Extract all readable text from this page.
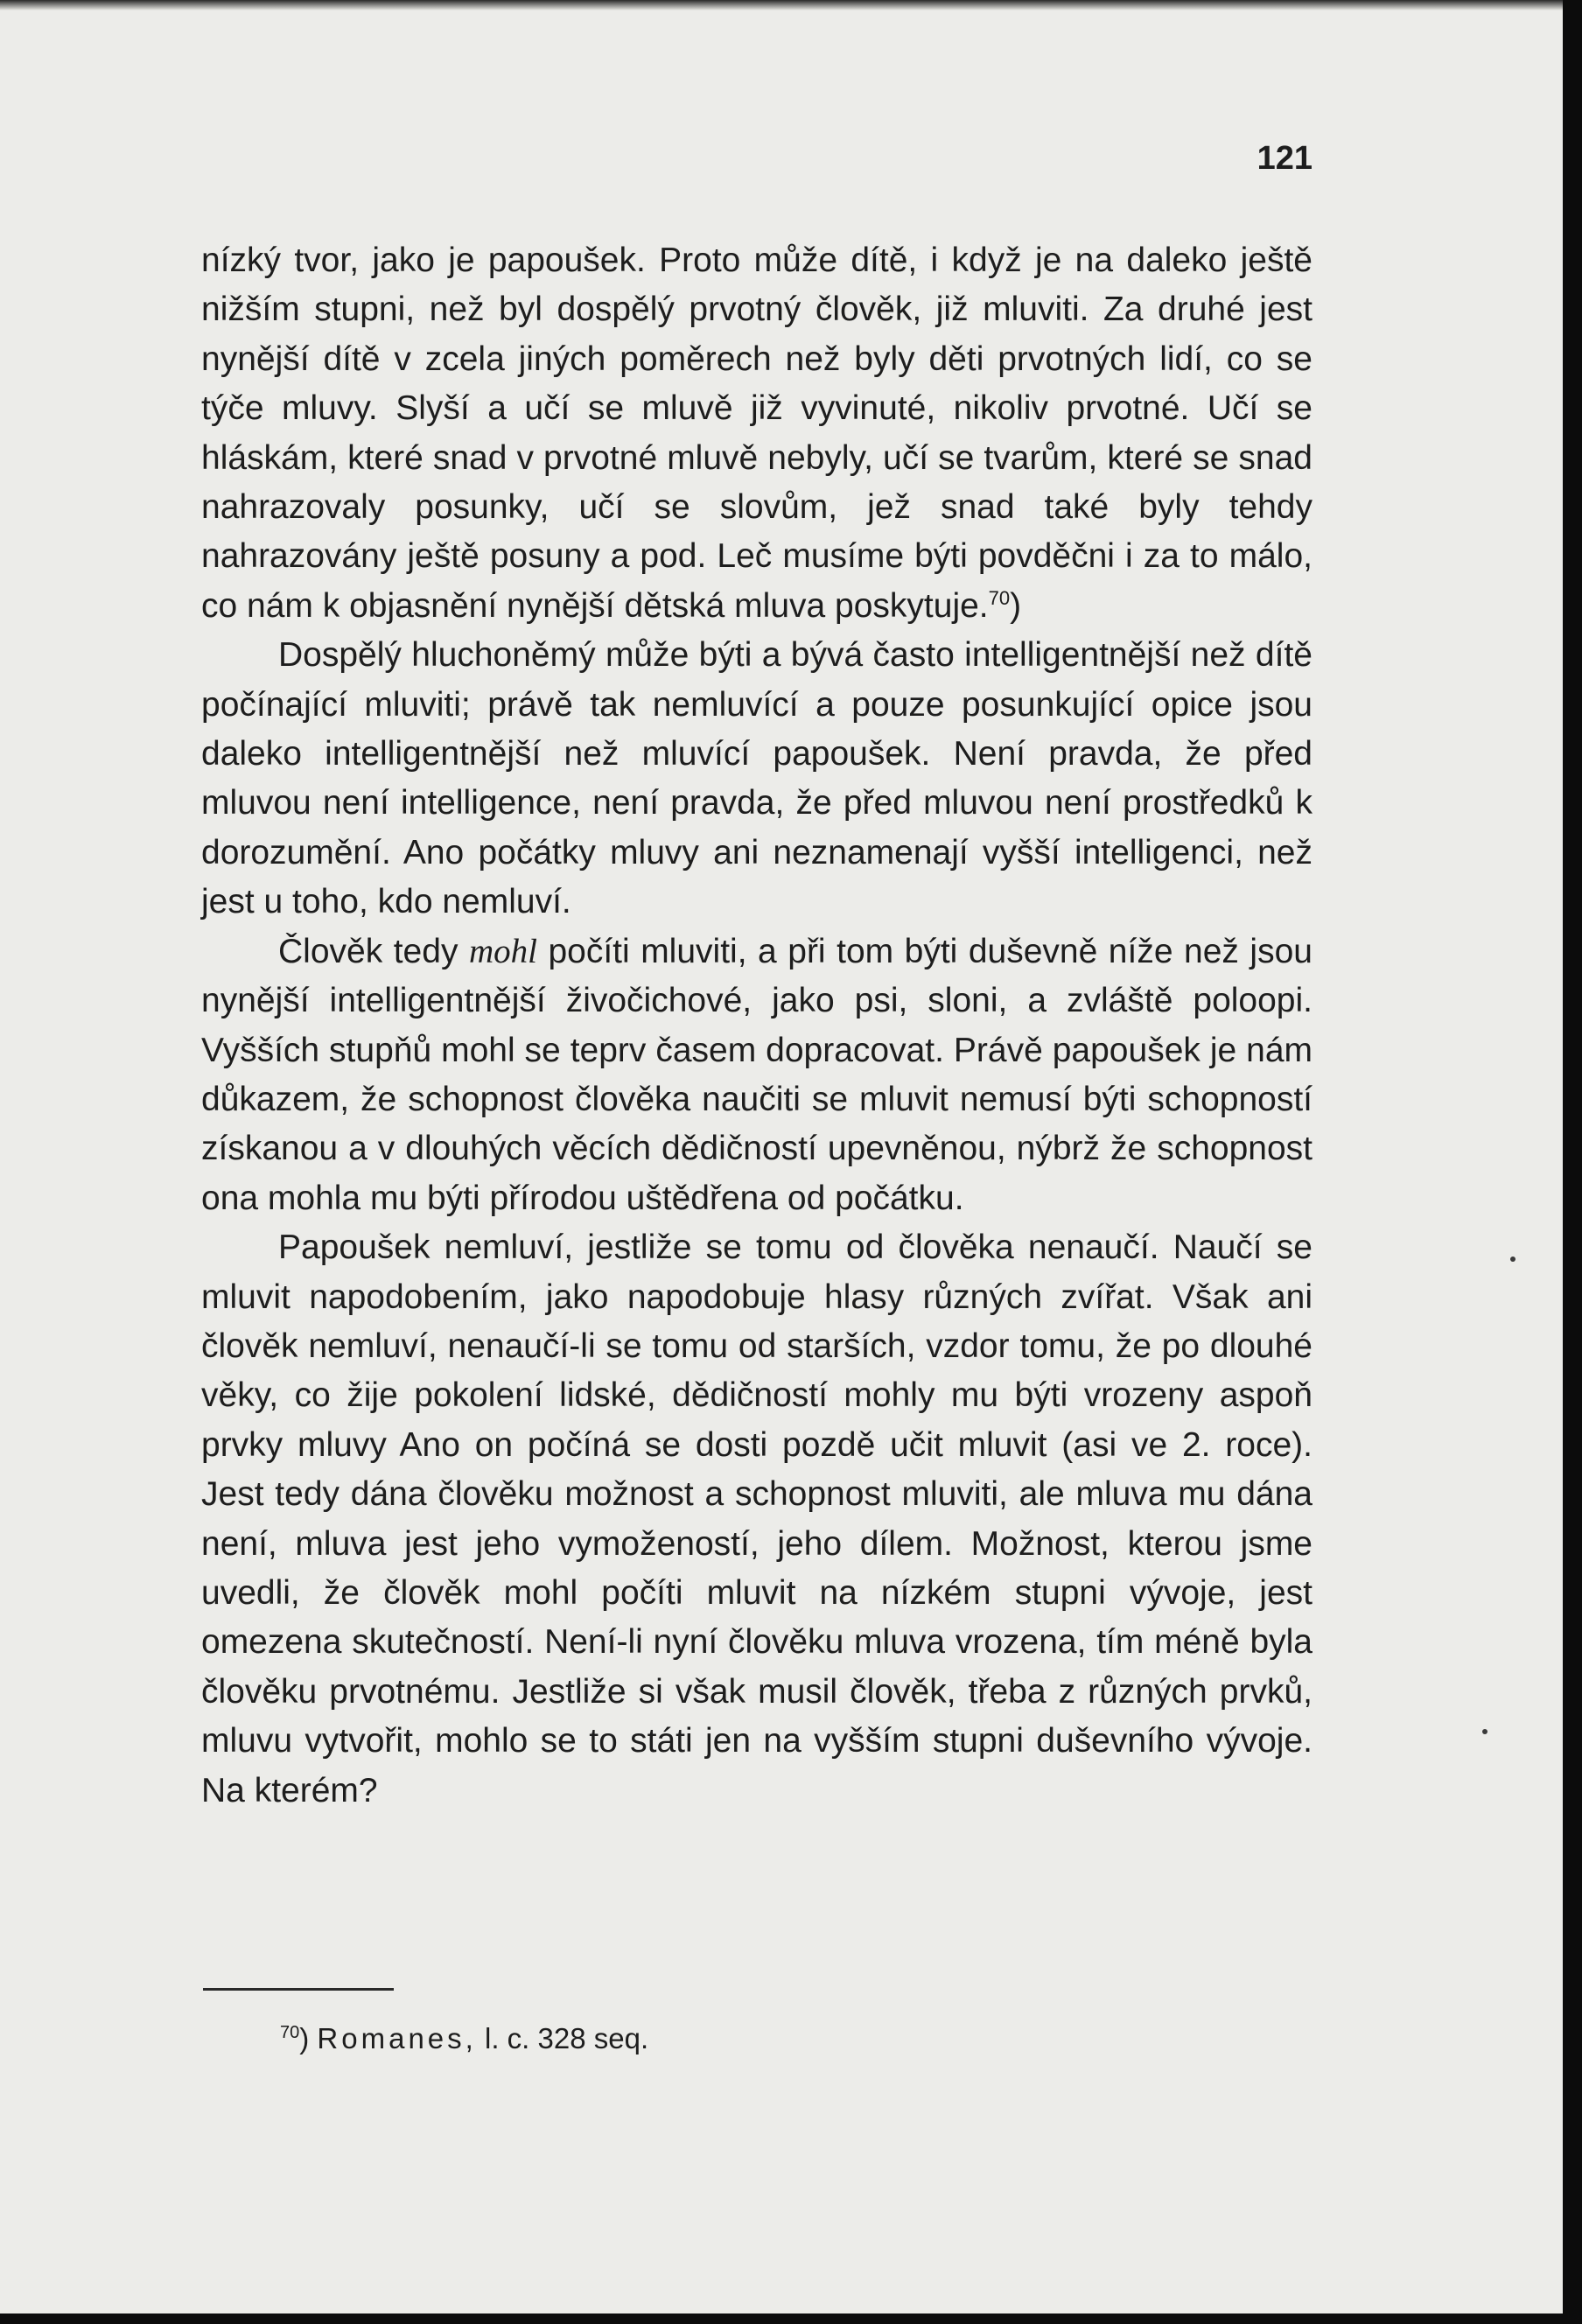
121

nízký tvor, jako je papoušek. Proto může dítě, i když je na daleko ještě nižším stupni, než byl dospělý prvotný člověk, již mluviti. Za druhé jest nynější dítě v zcela jiných poměrech než byly děti prvotných lidí, co se týče mluvy. Slyší a učí se mluvě již vyvinuté, nikoliv prvotné. Učí se hláskám, které snad v prvotné mluvě nebyly, učí se tvarům, které se snad nahrazovaly posunky, učí se slovům, jež snad také byly tehdy nahrazovány ještě posuny a pod. Leč musíme býti povděčni i za to málo, co nám k objasnění nynější dětská mluva poskytuje.$^{70}$)

Dospělý hluchoněmý může býti a bývá často intelligentnější než dítě počínající mluviti; právě tak nemluvící a pouze posunkující opice jsou daleko intelligentnější než mluvící papoušek. Není pravda, že před mluvou není intelligence, není pravda, že před mluvou není prostředků k dorozumění. Ano počátky mluvy ani neznamenají vyšší intelligenci, než jest u toho, kdo nemluví.

Člověk tedy mohl počíti mluviti, a při tom býti duševně níže než jsou nynější intelligentnější živočichové, jako psi, sloni, a zvláště poloopi. Vyšších stupňů mohl se teprv časem dopracovat. Právě papoušek je nám důkazem, že schopnost člověka naučiti se mluvit nemusí býti schopností získanou a v dlouhých věcích dědičností upevněnou, nýbrž že schopnost ona mohla mu býti přírodou uštědřena od počátku.

Papoušek nemluví, jestliže se tomu od člověka nenaučí. Naučí se mluvit napodobením, jako napodobuje hlasy různých zvířat. Však ani člověk nemluví, nenaučí-li se tomu od starších, vzdor tomu, že po dlouhé věky, co žije pokolení lidské, dědičností mohly mu býti vrozeny aspoň prvky mluvy Ano on počíná se dosti pozdě učit mluvit (asi ve 2. roce). Jest tedy dána člověku možnost a schopnost mluviti, ale mluva mu dána není, mluva jest jeho vymožeností, jeho dílem. Možnost, kterou jsme uvedli, že člověk mohl počíti mluvit na nízkém stupni vývoje, jest omezena skutečností. Není-li nyní člověku mluva vrozena, tím méně byla člověku prvotnému. Jestliže si však musil člověk, třeba z různých prvků, mluvu vytvořit, mohlo se to státi jen na vyšším stupni duševního vývoje. Na kterém?

$^{70}$) Romanes, l. c. 328 seq.
